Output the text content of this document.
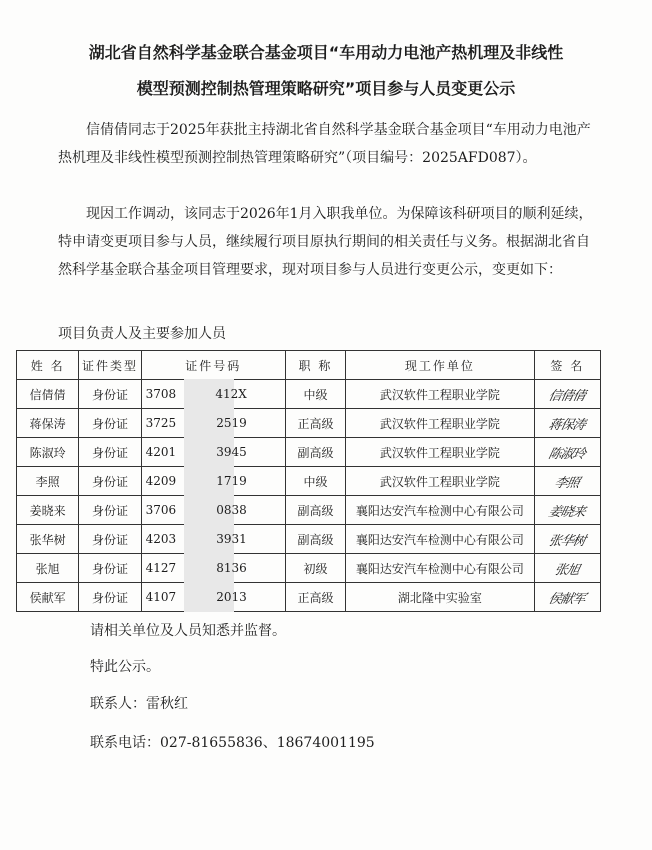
湖北省自然科学基金联合基金项目“车用动力电池产热机理及非线性
模型预测控制热管理策略研究”项目参与人员变更公示
信倩倩同志于2025年获批主持湖北省自然科学基金联合基金项目“车用动力电池产热机理及非线性模型预测控制热管理策略研究”（项目编号：2025AFD087）。
现因工作调动，该同志于2026年1月入职我单位。为保障该科研项目的顺利延续，特申请变更项目参与人员，继续履行项目原执行期间的相关责任与义务。根据湖北省自然科学基金联合基金项目管理要求，现对项目参与人员进行变更公示，变更如下：
项目负责人及主要参加人员
姓 名	证件类型	证件号码	职 称	现工作单位	签 名
信倩倩	身份证	3708 412X	中级	武汉软件工程职业学院	信倩倩
蒋保涛	身份证	3725 2519	正高级	武汉软件工程职业学院	蒋保涛
陈淑玲	身份证	4201 3945	副高级	武汉软件工程职业学院	陈淑玲
李照	身份证	4209 1719	中级	武汉软件工程职业学院	李照
姜晓来	身份证	3706 0838	副高级	襄阳达安汽车检测中心有限公司	姜晓来
张华树	身份证	4203 3931	副高级	襄阳达安汽车检测中心有限公司	张华树
张旭	身份证	4127 8136	初级	襄阳达安汽车检测中心有限公司	张旭
侯献军	身份证	4107 2013	正高级	湖北隆中实验室	侯献军
请相关单位及人员知悉并监督。
特此公示。
联系人：雷秋红
联系电话：027-81655836、18674001195
